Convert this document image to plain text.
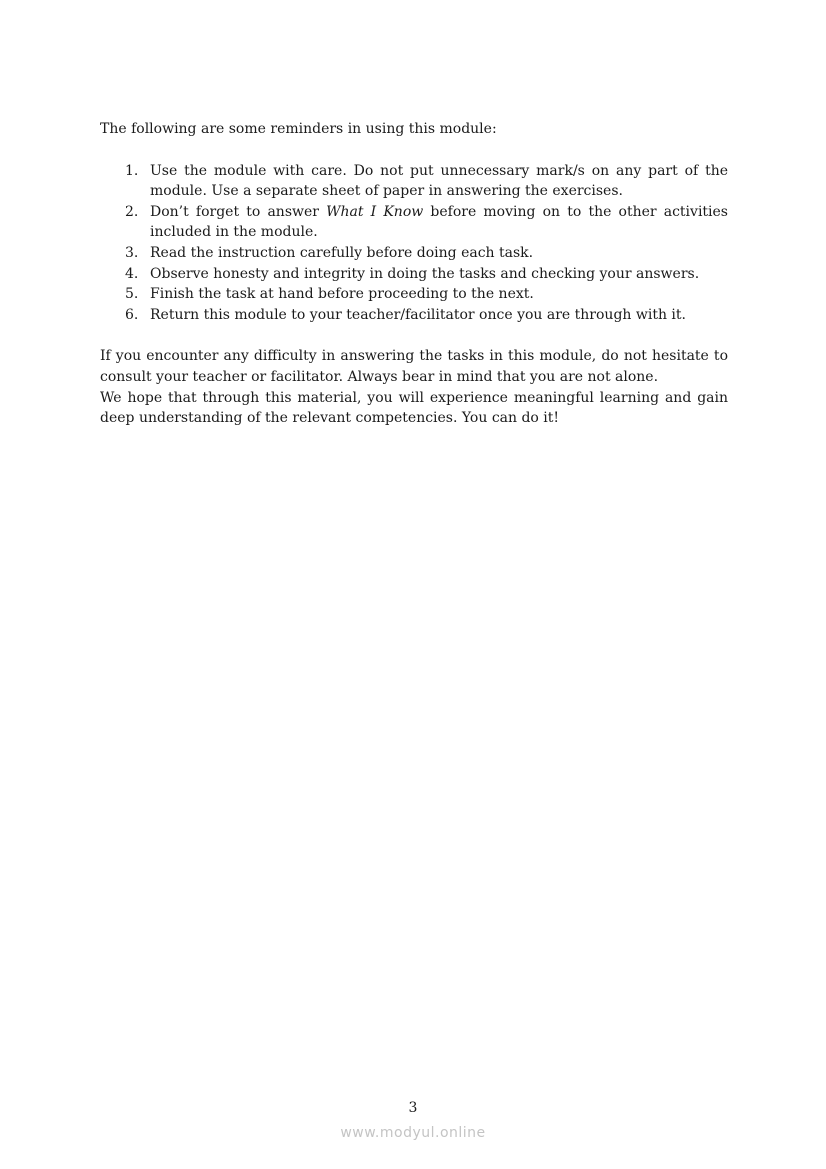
The following are some reminders in using this module:

1. Use the module with care. Do not put unnecessary mark/s on any part of the module. Use a separate sheet of paper in answering the exercises.
2. Don’t forget to answer What I Know before moving on to the other activities included in the module.
3. Read the instruction carefully before doing each task.
4. Observe honesty and integrity in doing the tasks and checking your answers.
5. Finish the task at hand before proceeding to the next.
6. Return this module to your teacher/facilitator once you are through with it.

If you encounter any difficulty in answering the tasks in this module, do not hesitate to consult your teacher or facilitator. Always bear in mind that you are not alone.

We hope that through this material, you will experience meaningful learning and gain deep understanding of the relevant competencies. You can do it!

3
www.modyul.online
